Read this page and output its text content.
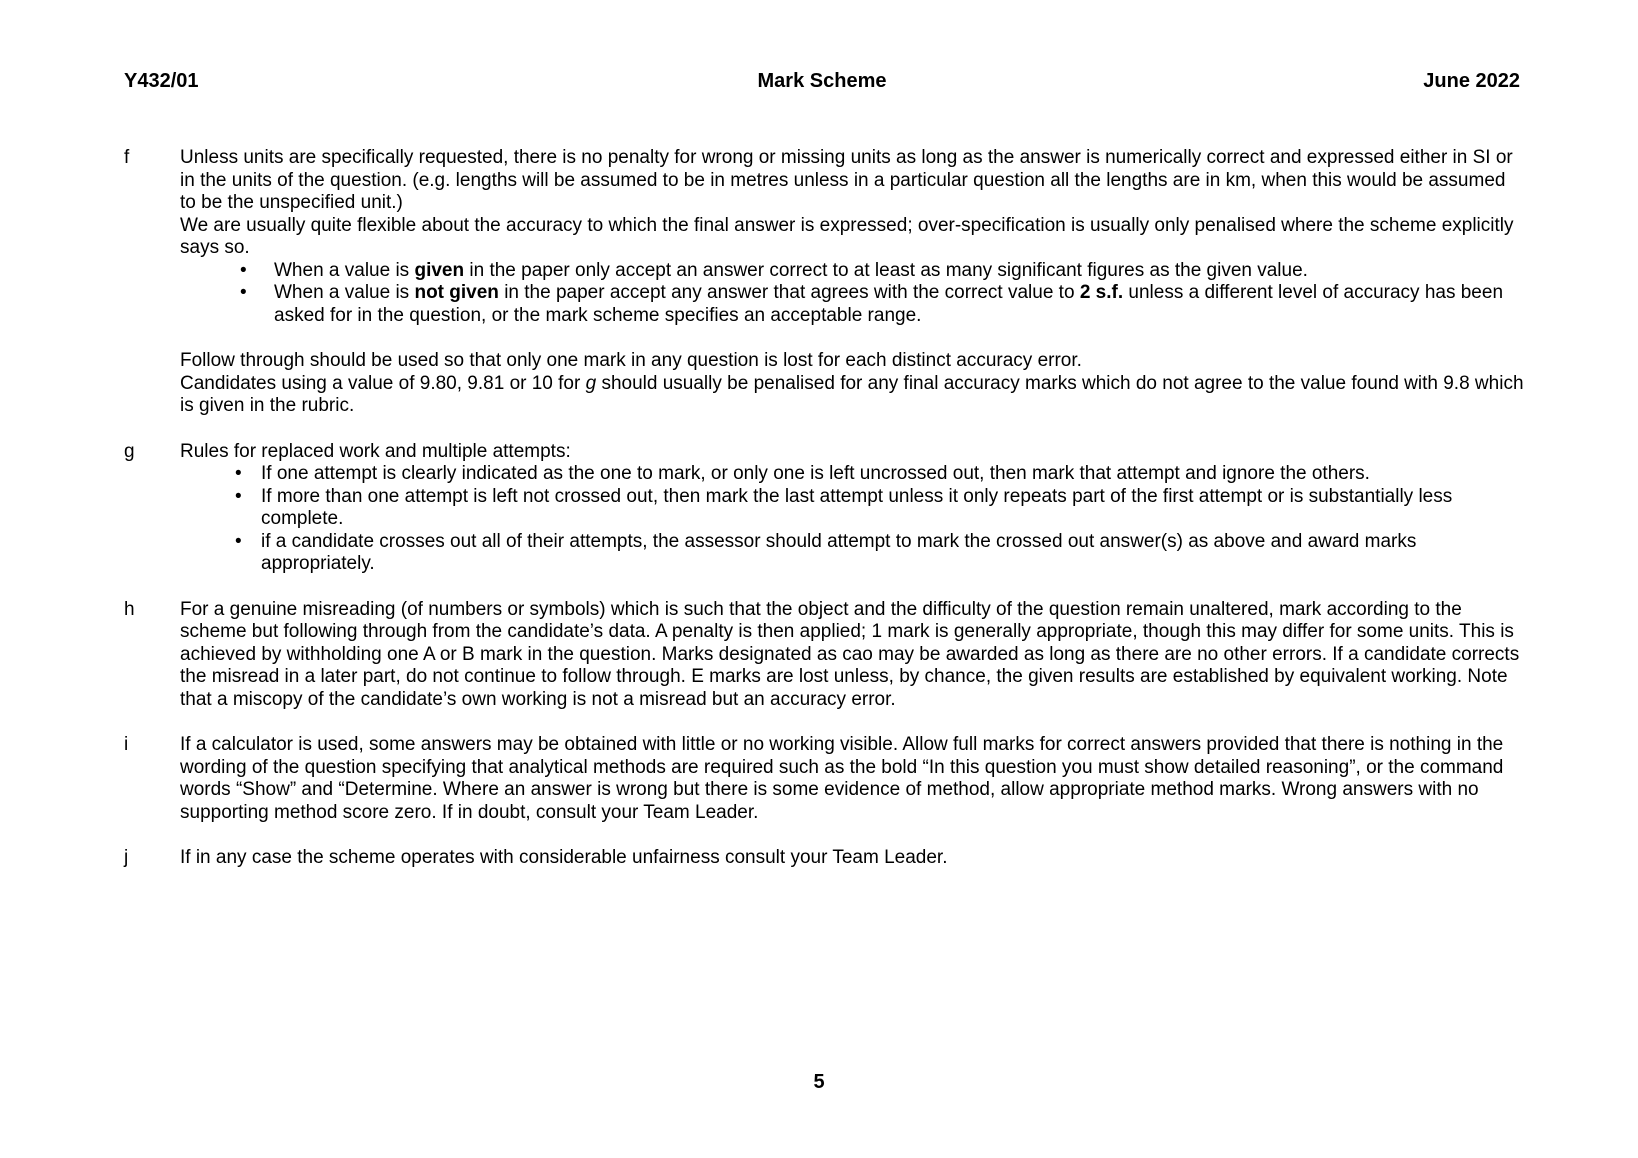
Y432/01	Mark Scheme	June 2022
f	Unless units are specifically requested, there is no penalty for wrong or missing units as long as the answer is numerically correct and expressed either in SI or in the units of the question. (e.g. lengths will be assumed to be in metres unless in a particular question all the lengths are in km, when this would be assumed to be the unspecified unit.)

We are usually quite flexible about the accuracy to which the final answer is expressed; over-specification is usually only penalised where the scheme explicitly says so.

• When a value is given in the paper only accept an answer correct to at least as many significant figures as the given value.
• When a value is not given in the paper accept any answer that agrees with the correct value to 2 s.f. unless a different level of accuracy has been asked for in the question, or the mark scheme specifies an acceptable range.

Follow through should be used so that only one mark in any question is lost for each distinct accuracy error.

Candidates using a value of 9.80, 9.81 or 10 for g should usually be penalised for any final accuracy marks which do not agree to the value found with 9.8 which is given in the rubric.

g Rules for replaced work and multiple attempts:

• If one attempt is clearly indicated as the one to mark, or only one is left uncrossed out, then mark that attempt and ignore the others.
• If more than one attempt is left not crossed out, then mark the last attempt unless it only repeats part of the first attempt or is substantially less complete.
• if a candidate crosses out all of their attempts, the assessor should attempt to mark the crossed out answer(s) as above and award marks appropriately.
h For a genuine misreading (of numbers or symbols) which is such that the object and the difficulty of the question remain unaltered, mark according to the scheme but following through from the candidate’s data. A penalty is then applied; 1 mark is generally appropriate, though this may differ for some units. This is achieved by withholding one A or B mark in the question. Marks designated as cao may be awarded as long as there are no other errors. If a candidate corrects the misread in a later part, do not continue to follow through. E marks are lost unless, by chance, the given results are established by equivalent working. Note that a miscopy of the candidate’s own working is not a misread but an accuracy error.

i	If a calculator is used, some answers may be obtained with little or no working visible. Allow full marks for correct answers provided that there is nothing in the wording of the question specifying that analytical methods are required such as the bold “In this question you must show detailed reasoning”, or the command words “Show” and “Determine. Where an answer is wrong but there is some evidence of method, allow appropriate method marks. Wrong answers with no supporting method score zero. If in doubt, consult your Team Leader.

j	If in any case the scheme operates with considerable unfairness consult your Team Leader.

5
